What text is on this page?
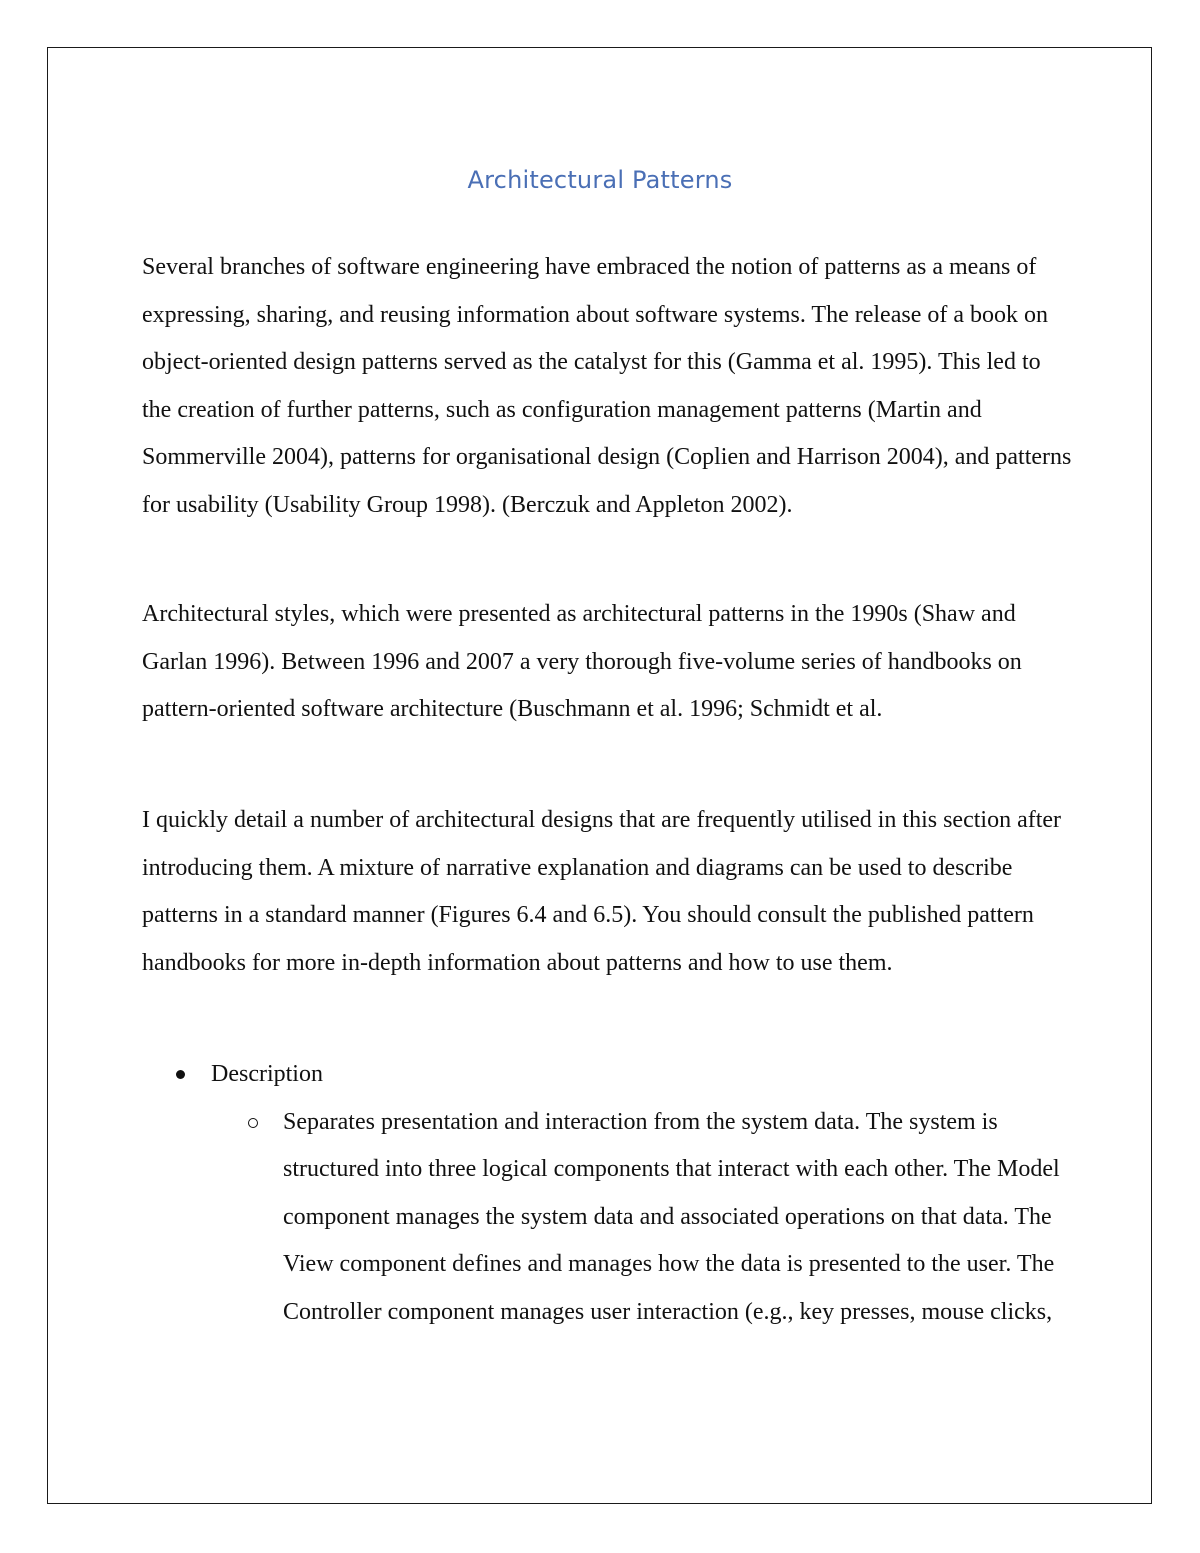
Architectural Patterns

Several branches of software engineering have embraced the notion of patterns as a means of expressing, sharing, and reusing information about software systems. The release of a book on object-oriented design patterns served as the catalyst for this (Gamma et al. 1995). This led to the creation of further patterns, such as configuration management patterns (Martin and Sommerville 2004), patterns for organisational design (Coplien and Harrison 2004), and patterns for usability (Usability Group 1998). (Berczuk and Appleton 2002).

Architectural styles, which were presented as architectural patterns in the 1990s (Shaw and Garlan 1996). Between 1996 and 2007 a very thorough five-volume series of handbooks on pattern-oriented software architecture (Buschmann et al. 1996; Schmidt et al.

I quickly detail a number of architectural designs that are frequently utilised in this section after introducing them. A mixture of narrative explanation and diagrams can be used to describe patterns in a standard manner (Figures 6.4 and 6.5). You should consult the published pattern handbooks for more in-depth information about patterns and how to use them.

Description
Separates presentation and interaction from the system data. The system is structured into three logical components that interact with each other. The Model component manages the system data and associated operations on that data. The View component defines and manages how the data is presented to the user. The Controller component manages user interaction (e.g., key presses, mouse clicks,
